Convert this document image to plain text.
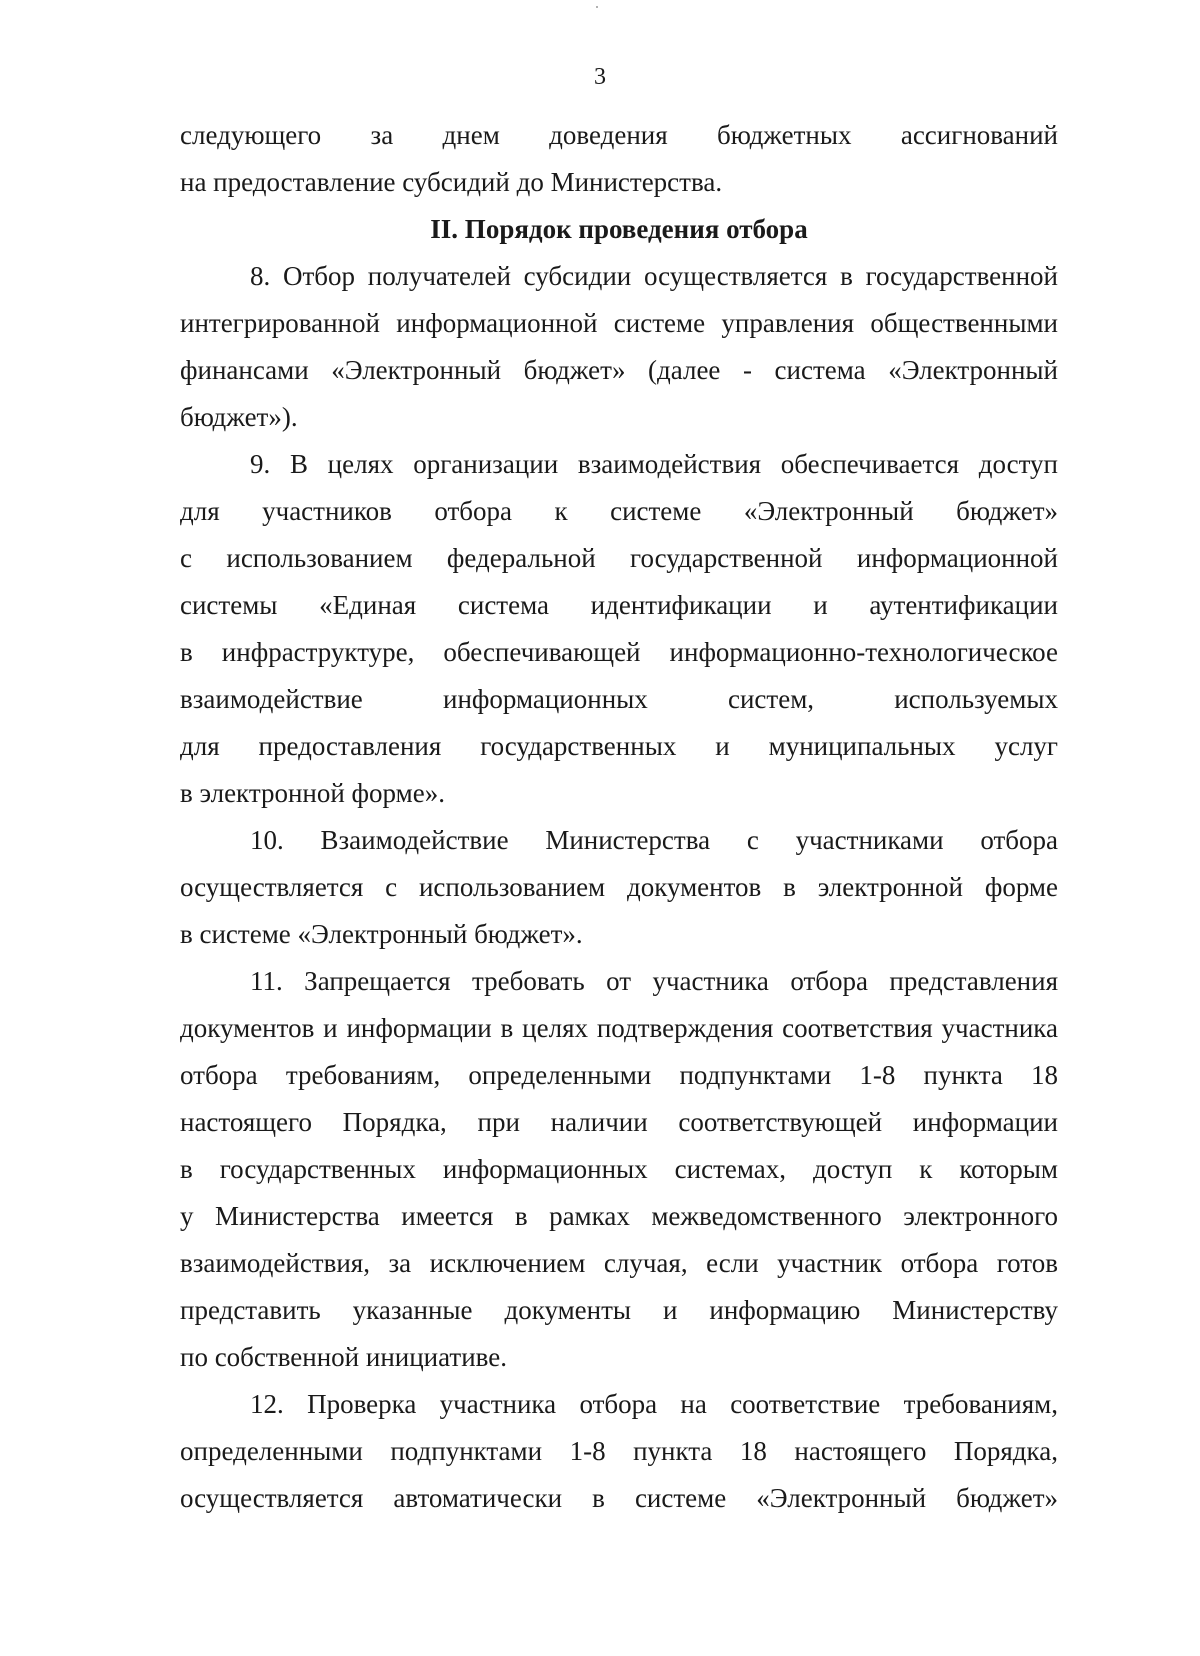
3
следующего за днем доведения бюджетных ассигнований
на предоставление субсидий до Министерства.
II. Порядок проведения отбора
8. Отбор получателей субсидии осуществляется в государственной
интегрированной информационной системе управления общественными
финансами «Электронный бюджет» (далее - система «Электронный
бюджет»).
9. В целях организации взаимодействия обеспечивается доступ
для участников отбора к системе «Электронный бюджет»
с использованием федеральной государственной информационной
системы «Единая система идентификации и аутентификации
в инфраструктуре, обеспечивающей информационно-технологическое
взаимодействие информационных систем, используемых
для предоставления государственных и муниципальных услуг
в электронной форме».
10. Взаимодействие Министерства с участниками отбора
осуществляется с использованием документов в электронной форме
в системе «Электронный бюджет».
11. Запрещается требовать от участника отбора представления
документов и информации в целях подтверждения соответствия участника
отбора требованиям, определенными подпунктами 1-8 пункта 18
настоящего Порядка, при наличии соответствующей информации
в государственных информационных системах, доступ к которым
у Министерства имеется в рамках межведомственного электронного
взаимодействия, за исключением случая, если участник отбора готов
представить указанные документы и информацию Министерству
по собственной инициативе.
12. Проверка участника отбора на соответствие требованиям,
определенными подпунктами 1-8 пункта 18 настоящего Порядка,
осуществляется автоматически в системе «Электронный бюджет»
